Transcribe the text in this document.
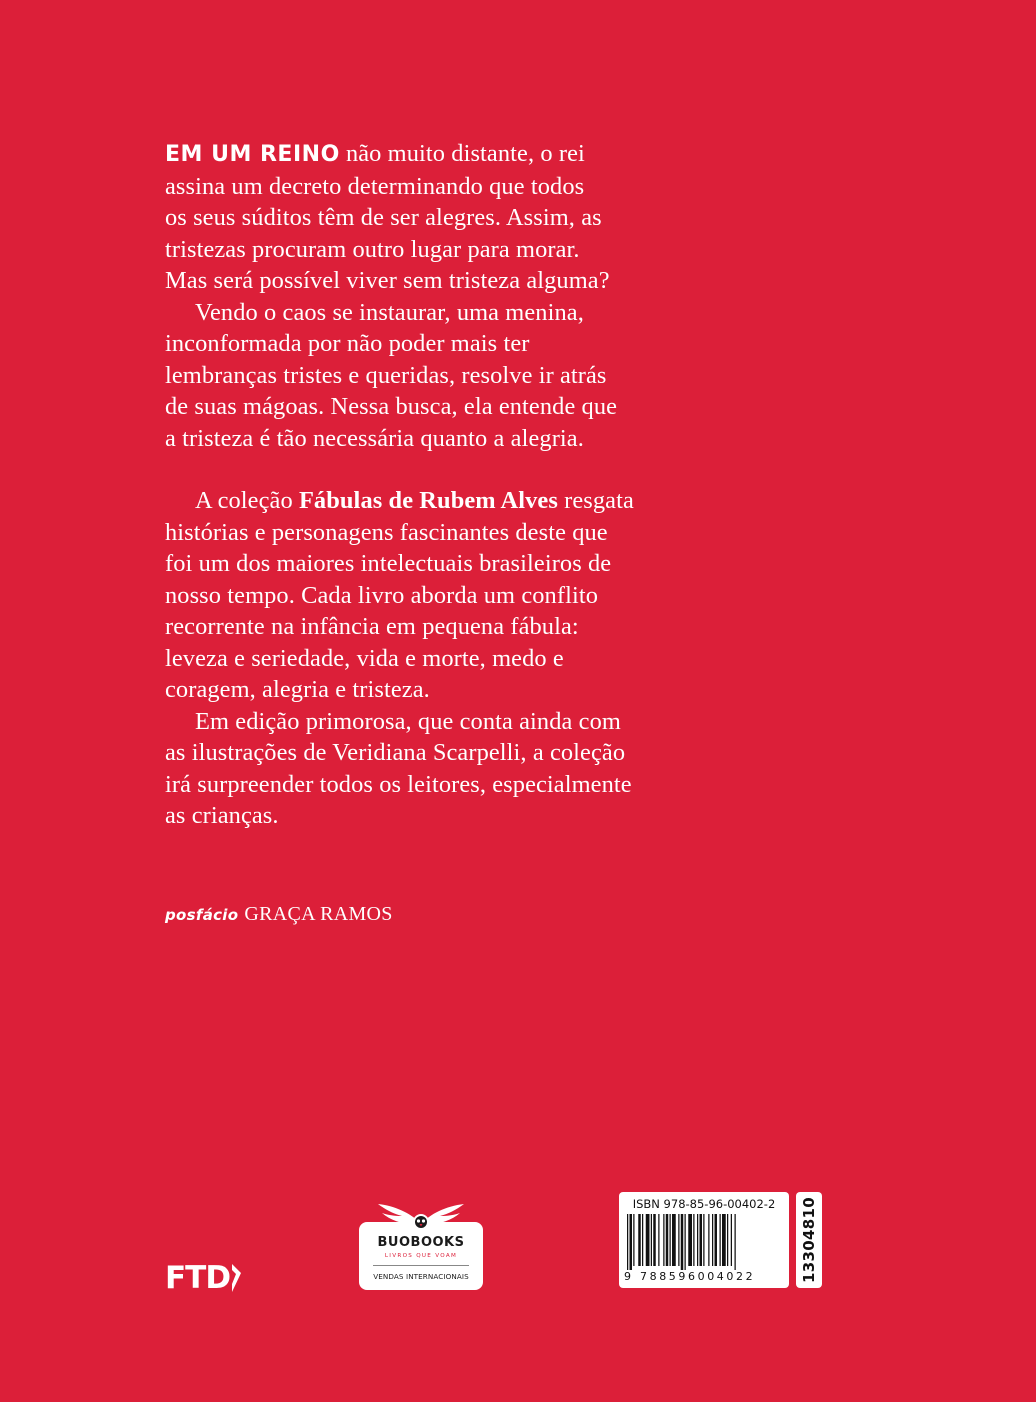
EM UM REINO não muito distante, o rei
assina um decreto determinando que todos
os seus súditos têm de ser alegres. Assim, as
tristezas procuram outro lugar para morar.
Mas será possível viver sem tristeza alguma?

Vendo o caos se instaurar, uma menina,
inconformada por não poder mais ter
lembranças tristes e queridas, resolve ir atrás
de suas mágoas. Nessa busca, ela entende que
a tristeza é tão necessária quanto a alegria.

A coleção Fábulas de Rubem Alves resgata
histórias e personagens fascinantes deste que
foi um dos maiores intelectuais brasileiros de
nosso tempo. Cada livro aborda um conflito
recorrente na infância em pequena fábula:
leveza e seriedade, vida e morte, medo e
coragem, alegria e tristeza.

Em edição primorosa, que conta ainda com
as ilustrações de Veridiana Scarpelli, a coleção
irá surpreender todos os leitores, especialmente
as crianças.

posfácio GRAÇA RAMOS
FTD
BUOBOOKS
LIVROS QUE VOAM
VENDAS INTERNACIONAIS
ISBN 978-85-96-00402-2
9 788596004022	13304810
